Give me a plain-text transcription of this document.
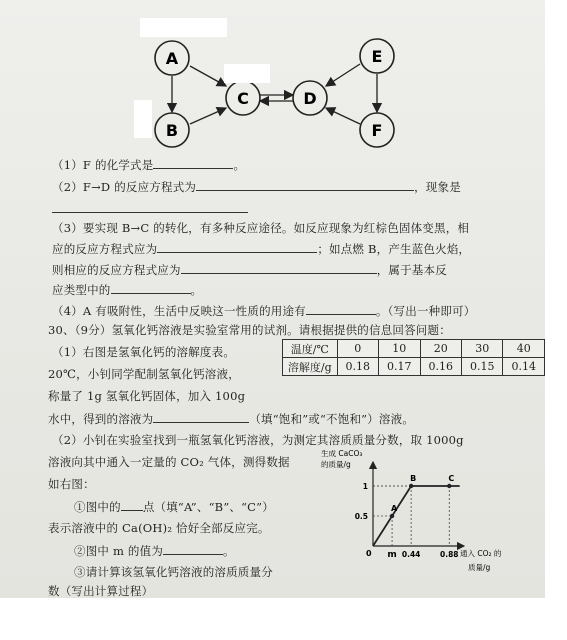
A
B
C	D
E
F
（1）F 的化学式是	。
（2）F→D 的反应方程式为	，现象是
（3）要实现 B→C 的转化，有多种反应途径。如反应现象为红棕色固体变黑，相
应的反应方程式应为	；如点燃 B，产生蓝色火焰，
则相应的反应方程式应为	，属于基本反
应类型中的	。
（4）A 有吸附性，生活中反映这一性质的用途有	。（写出一种即可）
30、（9分）氢氧化钙溶液是实验室常用的试剂。请根据提供的信息回答问题：
（1）右图是氢氧化钙的溶解度表。
20℃，小钊同学配制氢氧化钙溶液，
称量了 1g 氢氧化钙固体，加入 100g
水中，得到的溶液为	（填“饱和”或“不饱和”）溶液。
（2）小钊在实验室找到一瓶氢氧化钙溶液，为测定其溶质质量分数，取 1000g
溶液向其中通入一定量的 CO₂ 气体，测得数据
如右图：
①图中的 点（填“A”、“B”、“C”）
表示溶液中的 Ca(OH)₂ 恰好全部反应完。
②图中 m 的值为	。
③请计算该氢氧化钙溶液的溶质质量分
数（写出计算过程）
温度/℃	0	10	20	30	40
溶解度/g	0.18	0.17	0.16	0.15	0.14
生成 CaCO₃
的质量/g
0
0.5
1
m 0.44	0.88
A
B	C
通入 CO₂ 的
质量/g
